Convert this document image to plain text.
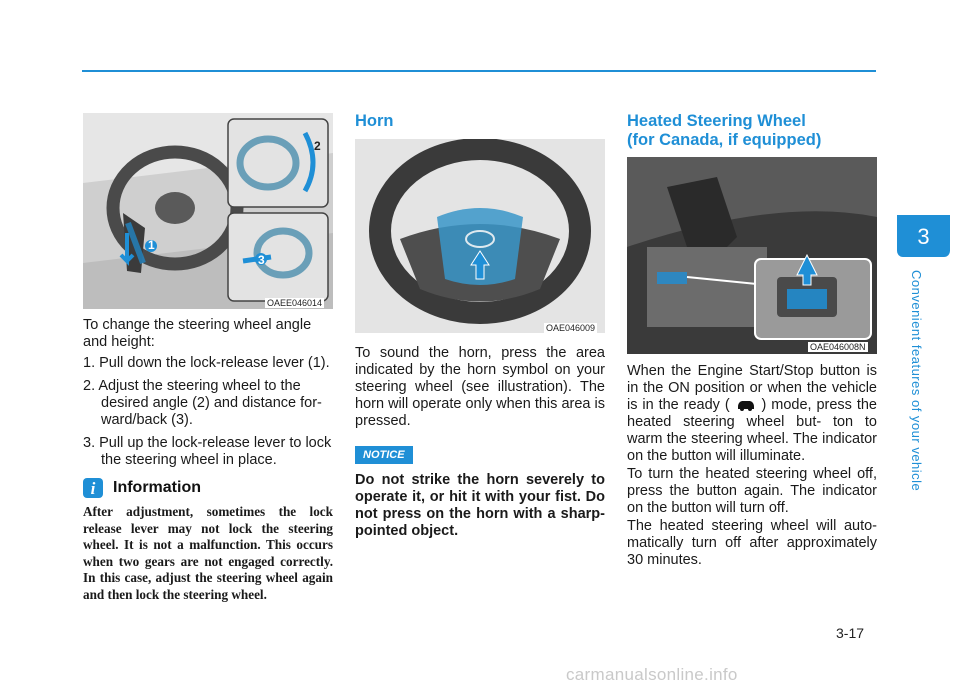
1
2
3
OAEE046014

To change the steering wheel angle and height:

1. Pull down the lock-release lever (1).
2. Adjust the steering wheel to the desired angle (2) and distance for- ward/back (3).
3. Pull up the lock-release lever to lock the steering wheel in place.
i	Information

After adjustment, sometimes the lock release lever may not lock the steering wheel. It is not a malfunction. This occurs when two gears are not engaged correctly. In this case, adjust the steering wheel again and then lock the steering wheel.

Horn
OAE046009

To sound the horn, press the area indicated by the horn symbol on your steering wheel (see illustration). The horn will operate only when this area is pressed.

NOTICE

Do not strike the horn severely to operate it, or hit it with your fist. Do not press on the horn with a sharp-pointed object.

Heated Steering Wheel
(for Canada, if equipped)
OAE046008N

When the Engine Start/Stop button is in the ON position or when the vehicle is in the ready ( ) mode, press the heated steering wheel but- ton to warm the steering wheel. The indicator on the button will illuminate.

To turn the heated steering wheel off, press the button again. The indicator on the button will turn off.

The heated steering wheel will auto- matically turn off after approximately 30 minutes.

3
Convenient features of your vehicle
3-17
carmanualsonline.info
